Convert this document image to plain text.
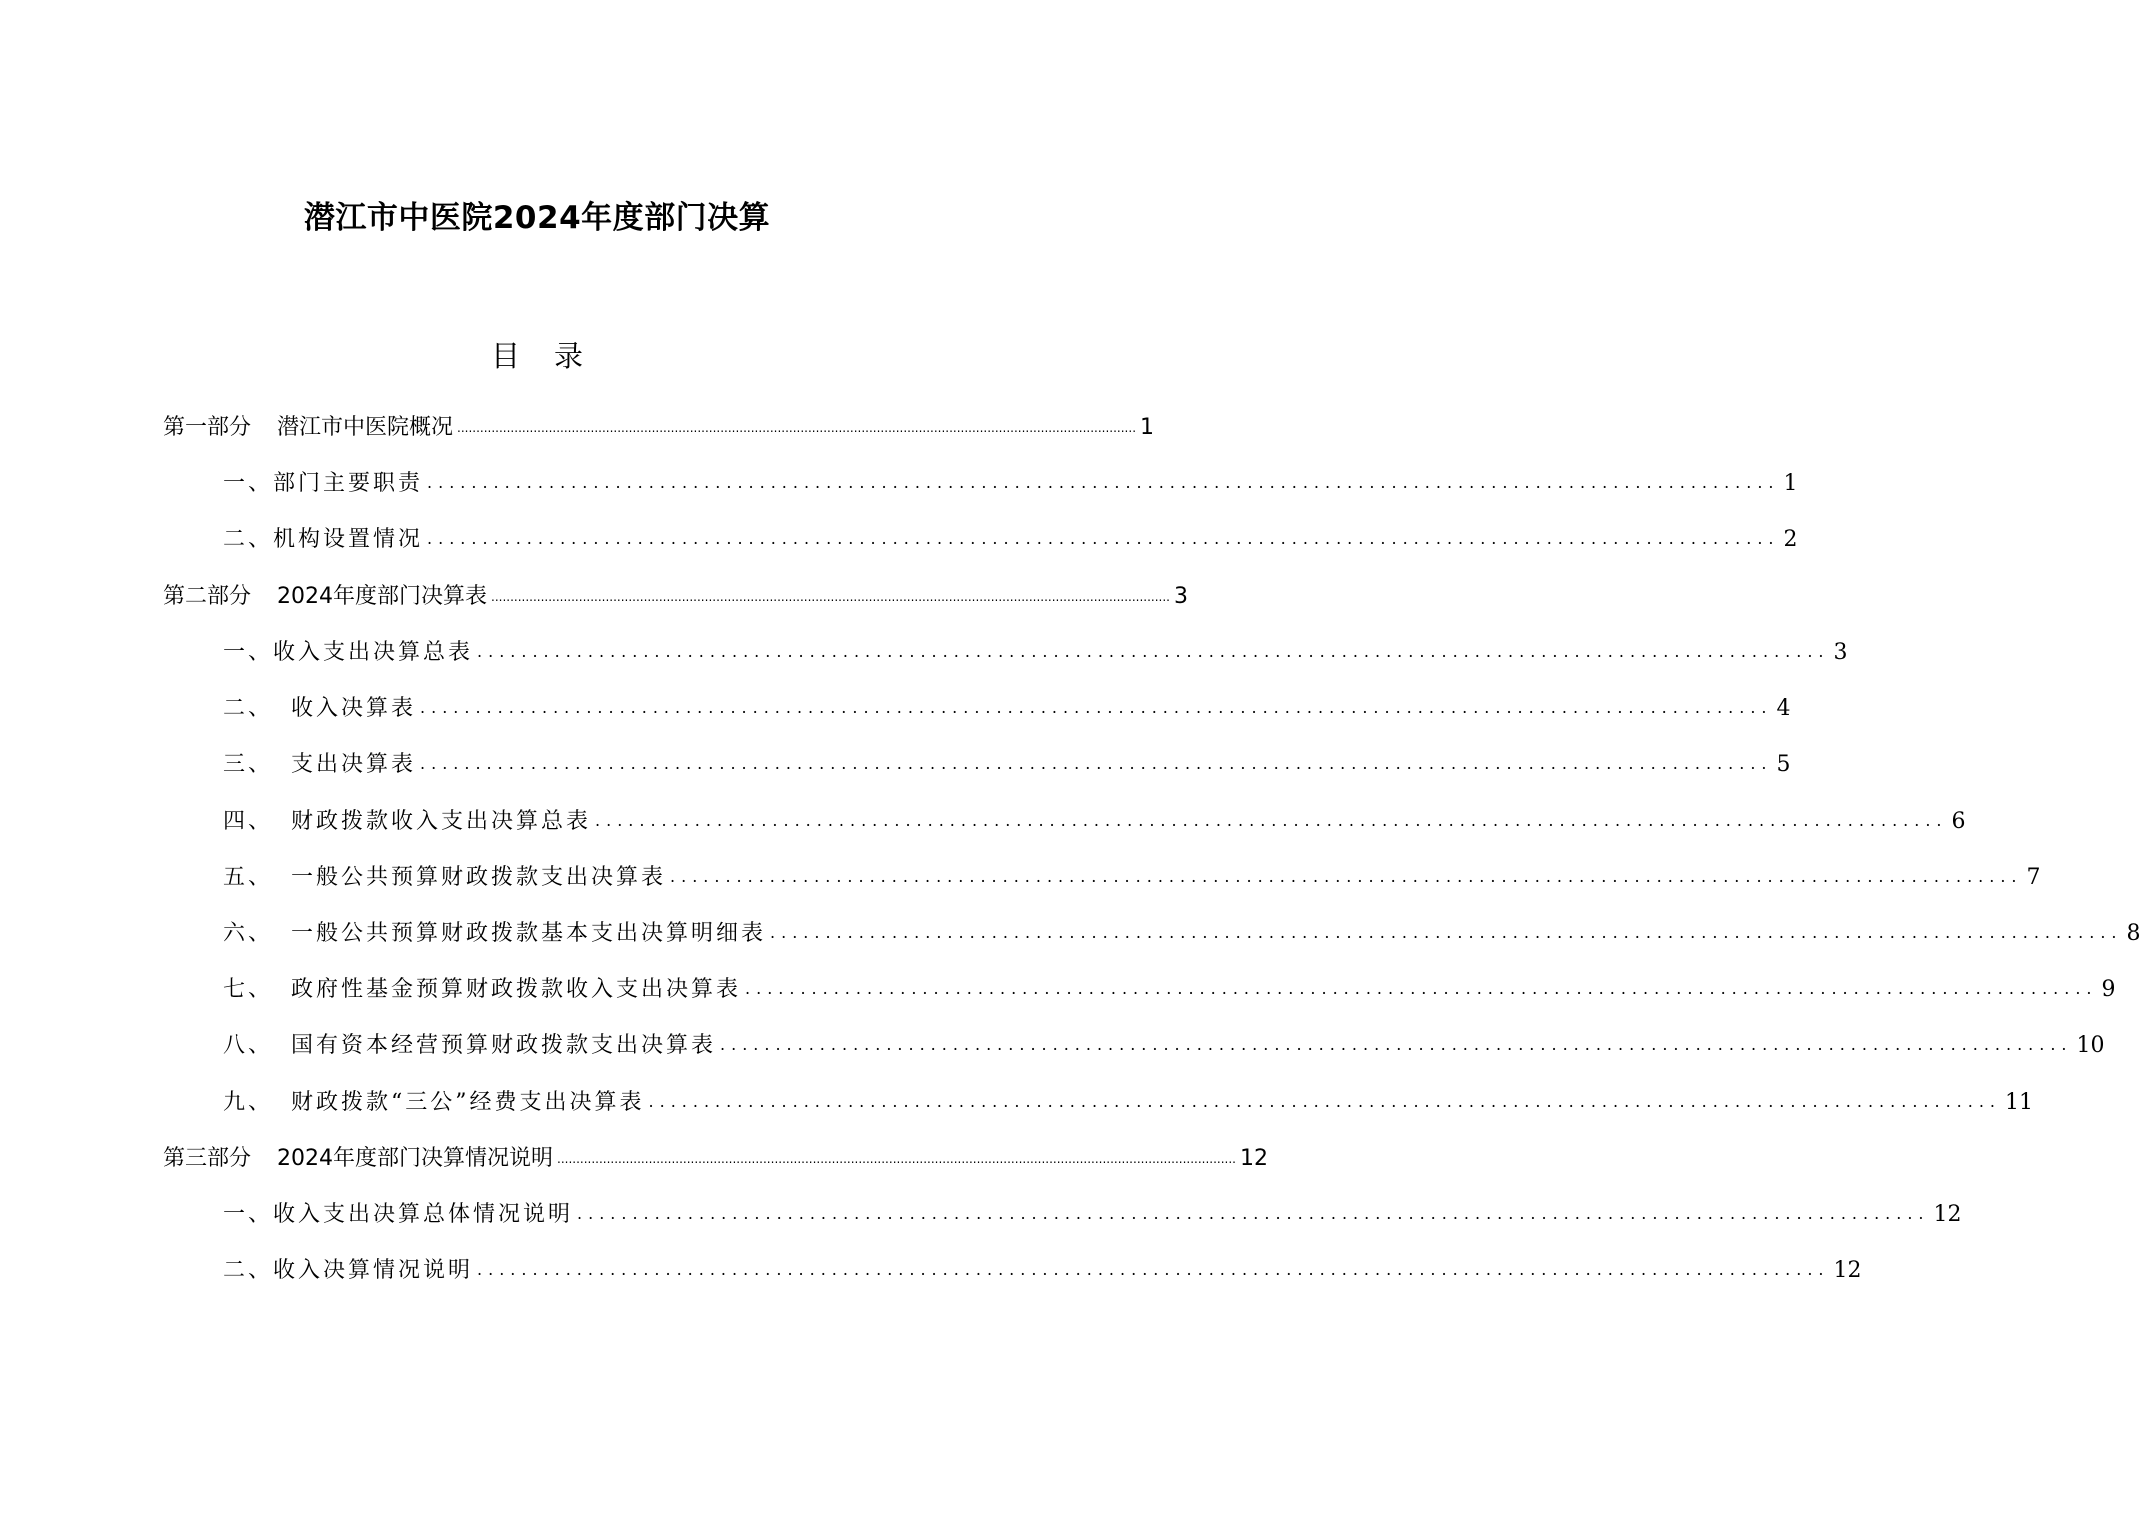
潜江市中医院2024年度部门决算
目 录
第一部分 潜江市中医院概况 .................................................................................................................................................................................. 1
一、部门主要职责 .......................................................................................................................... 1
二、机构设置情况 .......................................................................................................................... 2
第二部分 2024年度部门决算表 .................................................................................................................................................................................. 3
一、收入支出决算总表 .......................................................................................................................... 3
二、 收入决算表 .......................................................................................................................... 4
三、 支出决算表 .......................................................................................................................... 5
四、 财政拨款收入支出决算总表 .......................................................................................................................... 6
五、 一般公共预算财政拨款支出决算表 .......................................................................................................................... 7
六、 一般公共预算财政拨款基本支出决算明细表 .......................................................................................................................... 8
七、 政府性基金预算财政拨款收入支出决算表 .......................................................................................................................... 9
八、 国有资本经营预算财政拨款支出决算表 .......................................................................................................................... 10
九、 财政拨款“三公”经费支出决算表 .......................................................................................................................... 11
第三部分 2024年度部门决算情况说明 .................................................................................................................................................................................. 12
一、收入支出决算总体情况说明 .......................................................................................................................... 12
二、收入决算情况说明 .......................................................................................................................... 12
